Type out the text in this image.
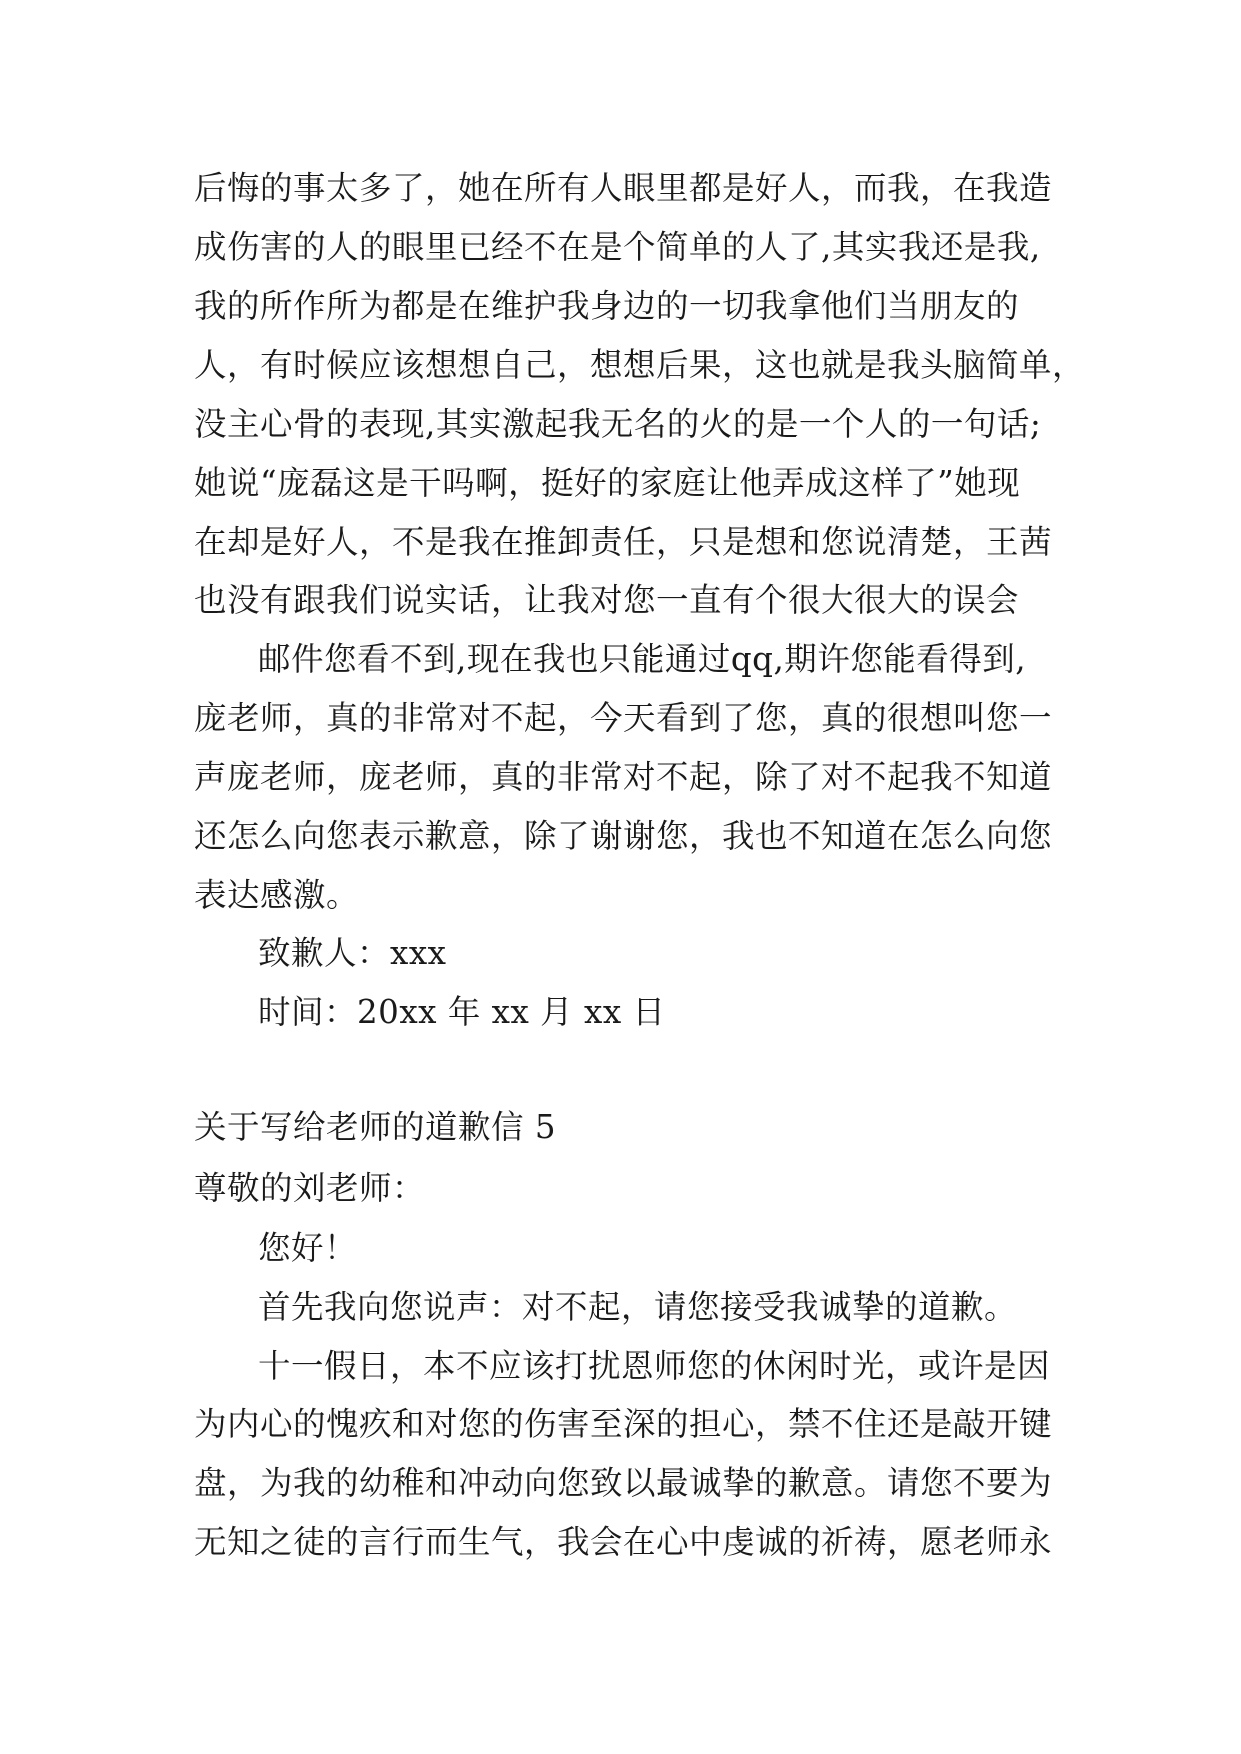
后悔的事太多了，她在所有人眼里都是好人，而我，在我造
成伤害的人的眼里已经不在是个简单的人了,其实我还是我,
我的所作所为都是在维护我身边的一切我拿他们当朋友的
人，有时候应该想想自己，想想后果，这也就是我头脑简单，
没主心骨的表现,其实激起我无名的火的是一个人的一句话;
她说“庞磊这是干吗啊，挺好的家庭让他弄成这样了”她现
在却是好人，不是我在推卸责任，只是想和您说清楚，王茜
也没有跟我们说实话，让我对您一直有个很大很大的误会
邮件您看不到,现在我也只能通过qq,期许您能看得到,
庞老师，真的非常对不起，今天看到了您，真的很想叫您一
声庞老师，庞老师，真的非常对不起，除了对不起我不知道
还怎么向您表示歉意，除了谢谢您，我也不知道在怎么向您
表达感激。
致歉人：xxx
时间：20xx 年 xx 月 xx 日
关于写给老师的道歉信 5
尊敬的刘老师：
您好！
首先我向您说声：对不起，请您接受我诚挚的道歉。
十一假日，本不应该打扰恩师您的休闲时光，或许是因
为内心的愧疚和对您的伤害至深的担心，禁不住还是敲开键
盘，为我的幼稚和冲动向您致以最诚挚的歉意。请您不要为
无知之徒的言行而生气，我会在心中虔诚的祈祷，愿老师永
